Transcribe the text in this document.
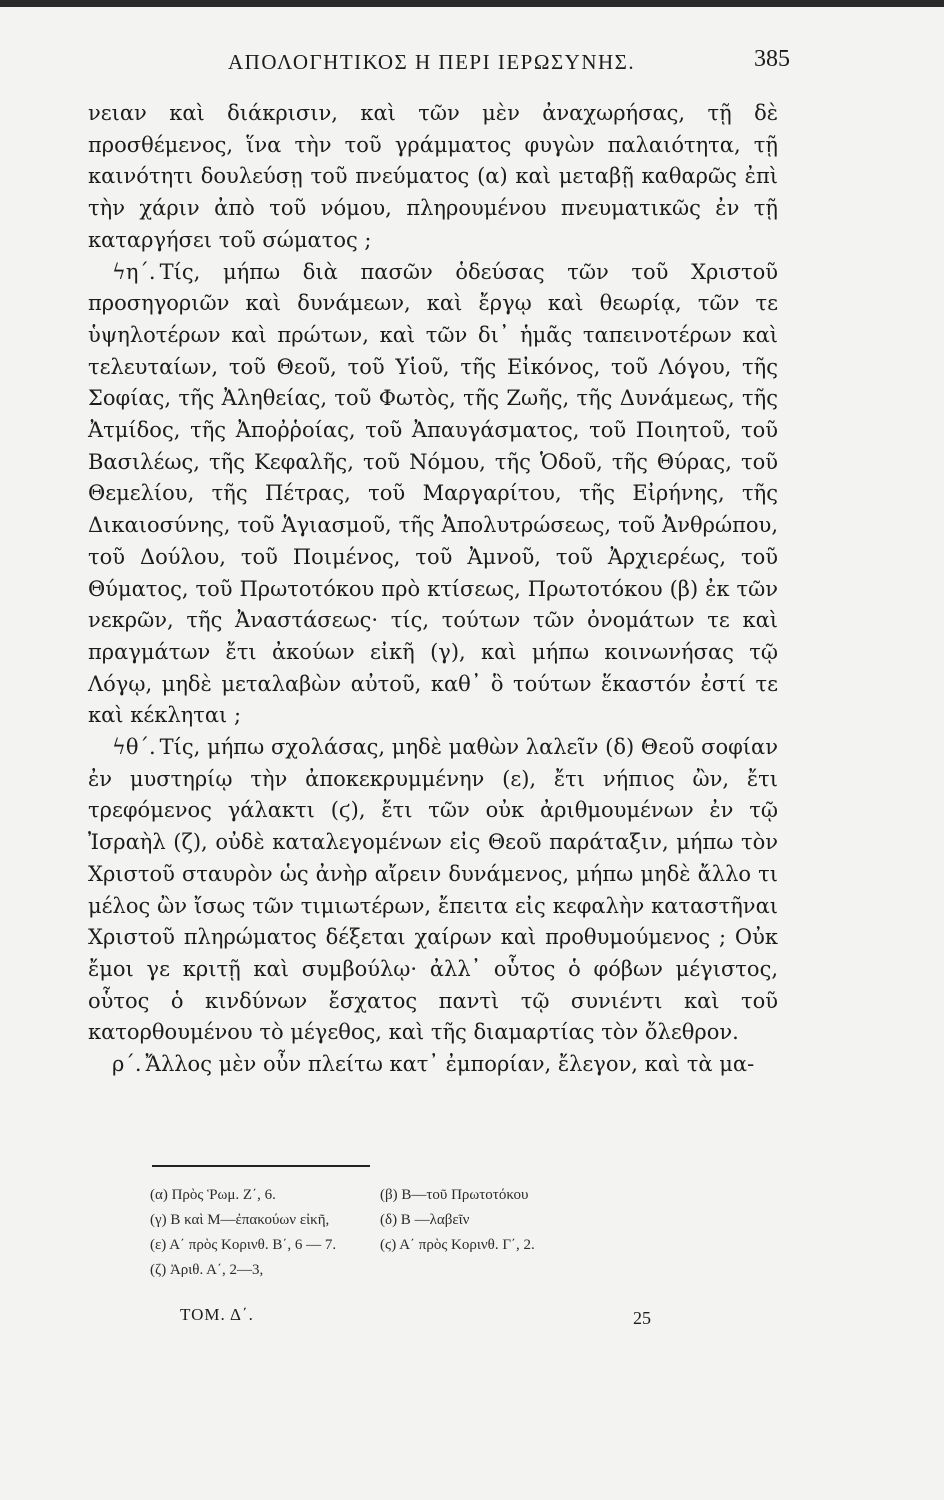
ΑΠΟΛΟΓΗΤΙΚΟΣ Η ΠΕΡΙ ΙΕΡΩΣΥΝΗΣ.	385

νειαν καὶ διάκρισιν, καὶ τῶν μὲν ἀναχωρήσας, τῇ δὲ προσθέμενος, ἵνα τὴν τοῦ γράμματος φυγὼν παλαιότητα, τῇ καινότητι δουλεύσῃ τοῦ πνεύματος (α) καὶ μεταβῇ καθαρῶς ἐπὶ τὴν χάριν ἀπὸ τοῦ νόμου, πληρουμένου πνευματικῶς ἐν τῇ καταργήσει τοῦ σώματος ;

ϟη΄. Τίς, μήπω διὰ πασῶν ὁδεύσας τῶν τοῦ Χριστοῦ προσηγοριῶν καὶ δυνάμεων, καὶ ἔργῳ καὶ θεωρίᾳ, τῶν τε ὑψηλοτέρων καὶ πρώτων, καὶ τῶν δι᾽ ἡμᾶς ταπεινοτέρων καὶ τελευταίων, τοῦ Θεοῦ, τοῦ Υἱοῦ, τῆς Εἰκόνος, τοῦ Λόγου, τῆς Σοφίας, τῆς Ἀληθείας, τοῦ Φωτὸς, τῆς Ζωῆς, τῆς Δυνάμεως, τῆς Ἀτμίδος, τῆς Ἀποῤῥοίας, τοῦ Ἀπαυγάσματος, τοῦ Ποιητοῦ, τοῦ Βασιλέως, τῆς Κεφαλῆς, τοῦ Νόμου, τῆς Ὁδοῦ, τῆς Θύρας, τοῦ Θεμελίου, τῆς Πέτρας, τοῦ Μαργαρίτου, τῆς Εἰρήνης, τῆς Δικαιοσύνης, τοῦ Ἁγιασμοῦ, τῆς Ἀπολυτρώσεως, τοῦ Ἀνθρώπου, τοῦ Δούλου, τοῦ Ποιμένος, τοῦ Ἀμνοῦ, τοῦ Ἀρχιερέως, τοῦ Θύματος, τοῦ Πρωτοτόκου πρὸ κτίσεως, Πρωτοτόκου (β) ἐκ τῶν νεκρῶν, τῆς Ἀναστάσεως· τίς, τούτων τῶν ὀνομάτων τε καὶ πραγμάτων ἔτι ἀκούων εἰκῆ (γ), καὶ μήπω κοινωνήσας τῷ Λόγῳ, μηδὲ μεταλαβὼν αὐτοῦ, καθ᾽ ὃ τούτων ἕκαστόν ἐστί τε καὶ κέκληται ;

ϟθ΄. Τίς, μήπω σχολάσας, μηδὲ μαθὼν λαλεῖν (δ) Θεοῦ σοφίαν ἐν μυστηρίῳ τὴν ἀποκεκρυμμένην (ε), ἔτι νήπιος ὢν, ἔτι τρεφόμενος γάλακτι (ϛ), ἔτι τῶν οὐκ ἀριθμουμένων ἐν τῷ Ἰσραὴλ (ζ), οὐδὲ καταλεγομένων εἰς Θεοῦ παράταξιν, μήπω τὸν Χριστοῦ σταυρὸν ὡς ἀνὴρ αἴρειν δυνάμενος, μήπω μηδὲ ἄλλο τι μέλος ὢν ἴσως τῶν τιμιωτέρων, ἔπειτα εἰς κεφαλὴν καταστῆναι Χριστοῦ πληρώματος δέξεται χαίρων καὶ προθυμούμενος ; Οὐκ ἔμοι γε κριτῇ καὶ συμβούλῳ· ἀλλ᾽ οὗτος ὁ φόβων μέγιστος, οὗτος ὁ κινδύνων ἔσχατος παντὶ τῷ συνιέντι καὶ τοῦ κατορθουμένου τὸ μέγεθος, καὶ τῆς διαμαρτίας τὸν ὄλεθρον.

ρ΄. Ἄλλος μὲν οὖν πλείτω κατ᾽ ἐμπορίαν, ἔλεγον, καὶ τὰ μα-

(α) Πρὸς Ῥωμ. Ζ΄, 6.	(β) Β—τοῦ Πρωτοτόκου
(γ) Β καὶ Μ—ἐπακούων εἰκῆ,	(δ) Β —λαβεῖν
(ε) Α΄ πρὸς Κορινθ. Β΄, 6 — 7.	(ϛ) Α΄ πρὸς Κορινθ. Γ΄, 2.
(ζ) Ἀριθ. Α΄, 2—3,
ΤΟΜ. Δ΄.	25
